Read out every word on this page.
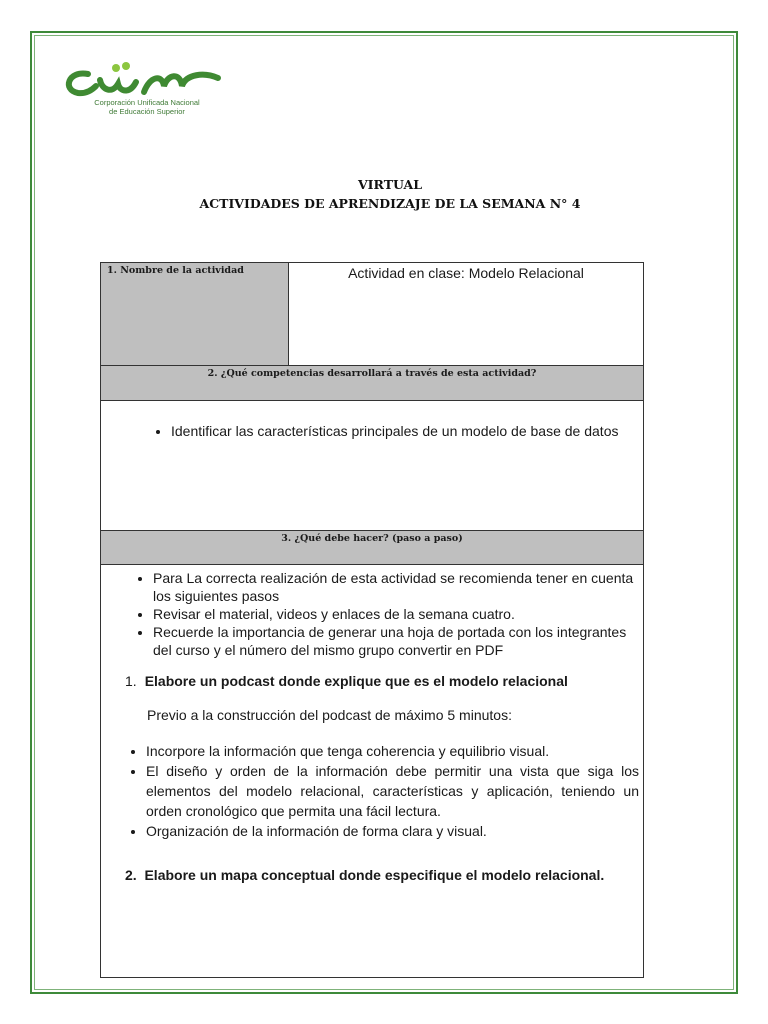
Corporación Unificada Nacional
de Educación Superior
VIRTUAL
ACTIVIDADES DE APRENDIZAJE DE LA SEMANA N° 4
1. Nombre de la actividad	Actividad en clase: Modelo Relacional
2. ¿Qué competencias desarrollará a través de esta actividad?

• Identificar las características principales de un modelo de base de datos

3. ¿Qué debe hacer? (paso a paso)

• Para La correcta realización de esta actividad se recomienda tener en cuenta los siguientes pasos
• Revisar el material, videos y enlaces de la semana cuatro.
• Recuerde la importancia de generar una hoja de portada con los integrantes del curso y el número del mismo grupo convertir en PDF
1. Elabore un podcast donde explique que es el modelo relacional
Previo a la construcción del podcast de máximo 5 minutos:
• Incorpore la información que tenga coherencia y equilibrio visual.
• El diseño y orden de la información debe permitir una vista que siga los elementos del modelo relacional, características y aplicación, teniendo un orden cronológico que permita una fácil lectura.
• Organización de la información de forma clara y visual.
2. Elabore un mapa conceptual donde especifique el modelo relacional.
